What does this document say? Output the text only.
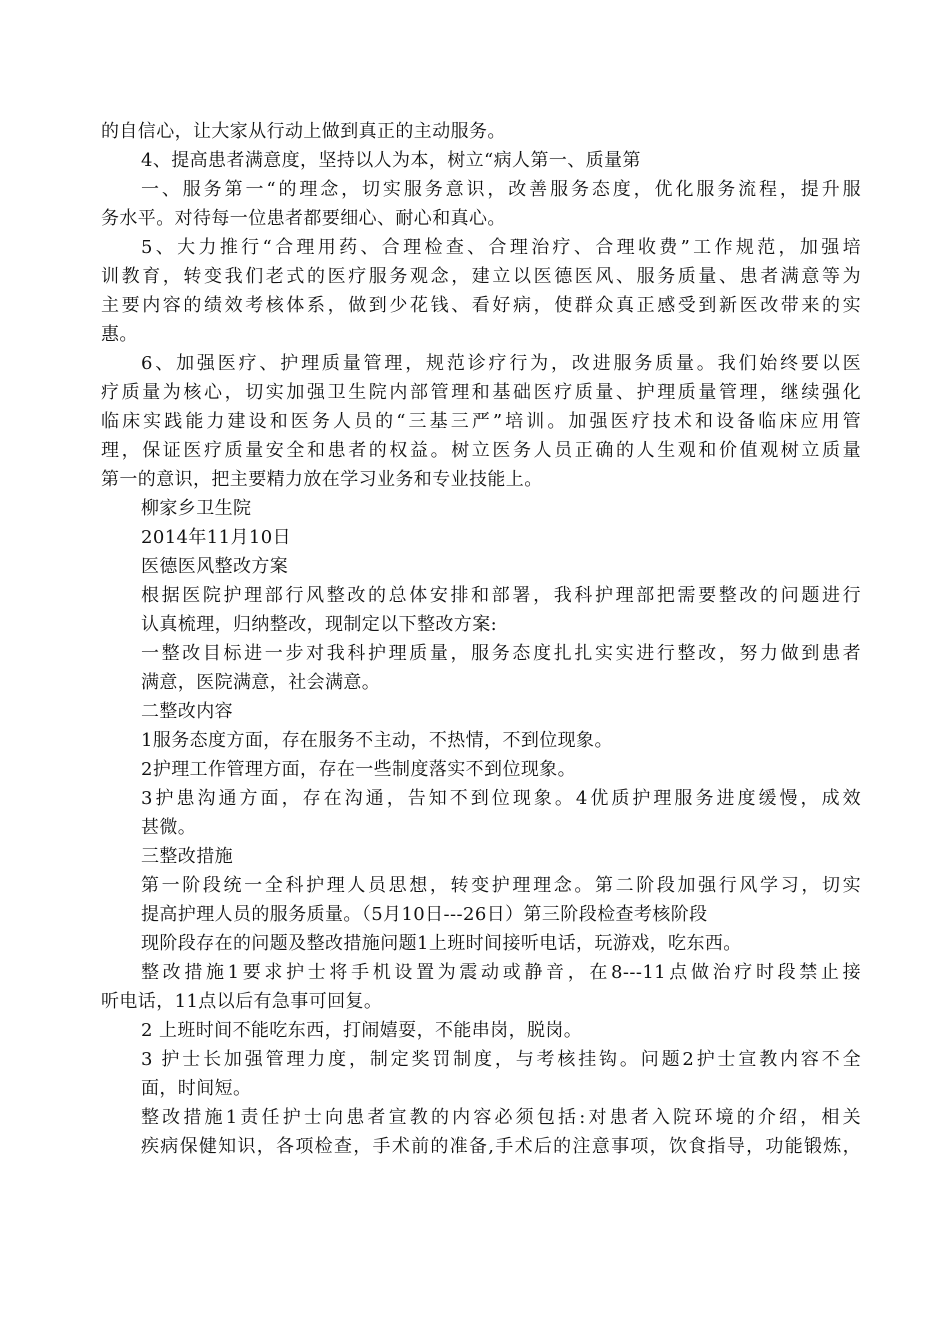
的自信心，让大家从行动上做到真正的主动服务。
4、提高患者满意度，坚持以人为本，树立“病人第一、质量第
一、服务第一“的理念，切实服务意识，改善服务态度，优化服务流程，提升服
务水平。对待每一位患者都要细心、耐心和真心。
5、大力推行“合理用药、合理检查、合理治疗、合理收费”工作规范，加强培
训教育，转变我们老式的医疗服务观念，建立以医德医风、服务质量、患者满意等为
主要内容的绩效考核体系，做到少花钱、看好病，使群众真正感受到新医改带来的实
惠。
6、加强医疗、护理质量管理，规范诊疗行为，改进服务质量。我们始终要以医
疗质量为核心，切实加强卫生院内部管理和基础医疗质量、护理质量管理，继续强化
临床实践能力建设和医务人员的“三基三严”培训。加强医疗技术和设备临床应用管
理，保证医疗质量安全和患者的权益。树立医务人员正确的人生观和价值观树立质量
第一的意识，把主要精力放在学习业务和专业技能上。
柳家乡卫生院
2014年11月10日
医德医风整改方案
根据医院护理部行风整改的总体安排和部署，我科护理部把需要整改的问题进行
认真梳理，归纳整改，现制定以下整改方案:
一整改目标进一步对我科护理质量，服务态度扎扎实实进行整改，努力做到患者
满意，医院满意，社会满意。
二整改内容
1服务态度方面，存在服务不主动，不热情，不到位现象。
2护理工作管理方面，存在一些制度落实不到位现象。
3护患沟通方面，存在沟通，告知不到位现象。4优质护理服务进度缓慢，成效
甚微。
三整改措施
第一阶段统一全科护理人员思想，转变护理理念。第二阶段加强行风学习，切实
提高护理人员的服务质量。（5月10日---26日）第三阶段检查考核阶段
现阶段存在的问题及整改措施问题1上班时间接听电话，玩游戏，吃东西。
整改措施1要求护士将手机设置为震动或静音，在8---11点做治疗时段禁止接
听电话，11点以后有急事可回复。
2 上班时间不能吃东西，打闹嬉耍，不能串岗，脱岗。
3 护士长加强管理力度，制定奖罚制度，与考核挂钩。问题2护士宣教内容不全
面，时间短。
整改措施1责任护士向患者宣教的内容必须包括:对患者入院环境的介绍，相关
疾病保健知识，各项检查，手术前的准备,手术后的注意事项，饮食指导，功能锻炼，
